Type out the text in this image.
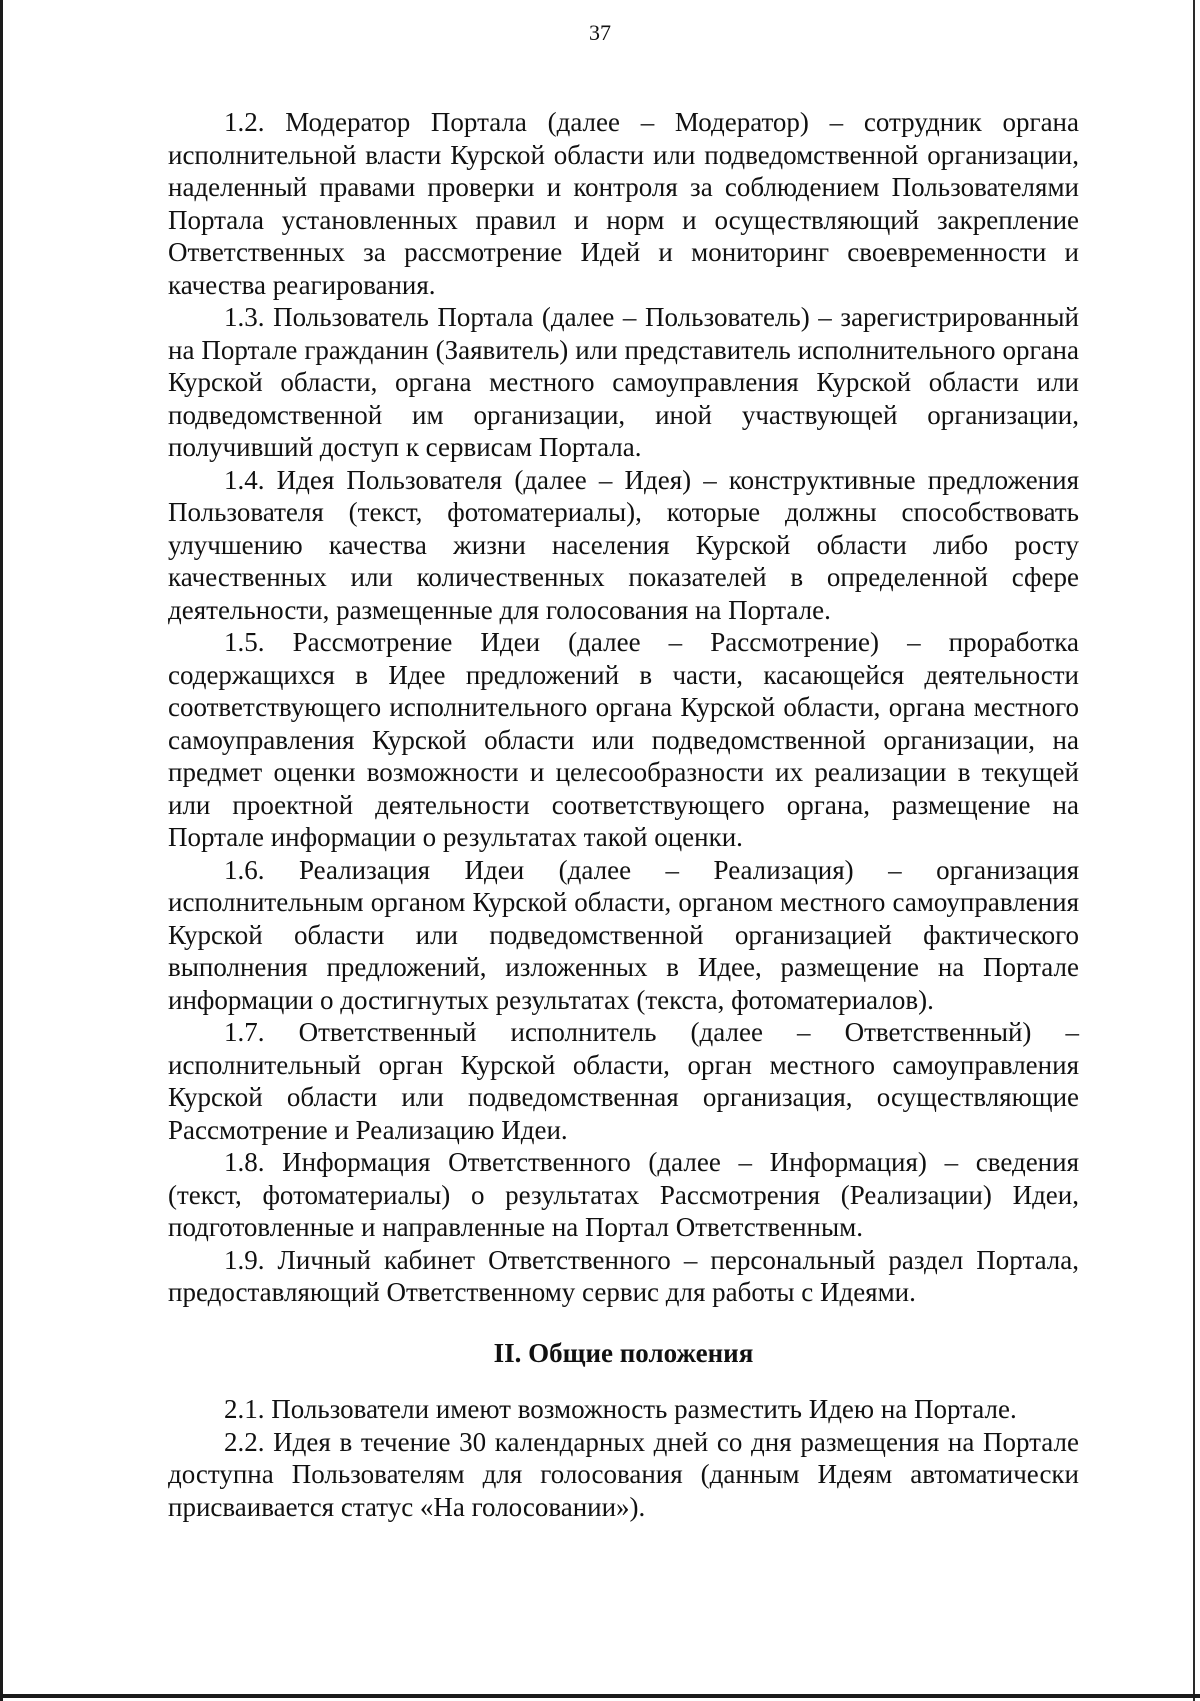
37

1.2. Модератор Портала (далее – Модератор) – сотрудник органа исполнительной власти Курской области или подведомственной организации, наделенный правами проверки и контроля за соблюдением Пользователями Портала установленных правил и норм и осуществляющий закрепление Ответственных за рассмотрение Идей и мониторинг своевременности и качества реагирования.

1.3. Пользователь Портала (далее – Пользователь) – зарегистрированный на Портале гражданин (Заявитель) или представитель исполнительного органа Курской области, органа местного самоуправления Курской области или подведомственной им организации, иной участвующей организации, получивший доступ к сервисам Портала.

1.4. Идея Пользователя (далее – Идея) – конструктивные предложения Пользователя (текст, фотоматериалы), которые должны способствовать улучшению качества жизни населения Курской области либо росту качественных или количественных показателей в определенной сфере деятельности, размещенные для голосования на Портале.

1.5. Рассмотрение Идеи (далее – Рассмотрение) – проработка содержащихся в Идее предложений в части, касающейся деятельности соответствующего исполнительного органа Курской области, органа местного самоуправления Курской области или подведомственной организации, на предмет оценки возможности и целесообразности их реализации в текущей или проектной деятельности соответствующего органа, размещение на Портале информации о результатах такой оценки.

1.6. Реализация Идеи (далее – Реализация) – организация исполнительным органом Курской области, органом местного самоуправления Курской области или подведомственной организацией фактического выполнения предложений, изложенных в Идее, размещение на Портале информации о достигнутых результатах (текста, фотоматериалов).

1.7. Ответственный исполнитель (далее – Ответственный) – исполнительный орган Курской области, орган местного самоуправления Курской области или подведомственная организация, осуществляющие Рассмотрение и Реализацию Идеи.

1.8. Информация Ответственного (далее – Информация) – сведения (текст, фотоматериалы) о результатах Рассмотрения (Реализации) Идеи, подготовленные и направленные на Портал Ответственным.

1.9. Личный кабинет Ответственного – персональный раздел Портала, предоставляющий Ответственному сервис для работы с Идеями.

II. Общие положения

2.1. Пользователи имеют возможность разместить Идею на Портале.

2.2. Идея в течение 30 календарных дней со дня размещения на Портале доступна Пользователям для голосования (данным Идеям автоматически присваивается статус «На голосовании»).
